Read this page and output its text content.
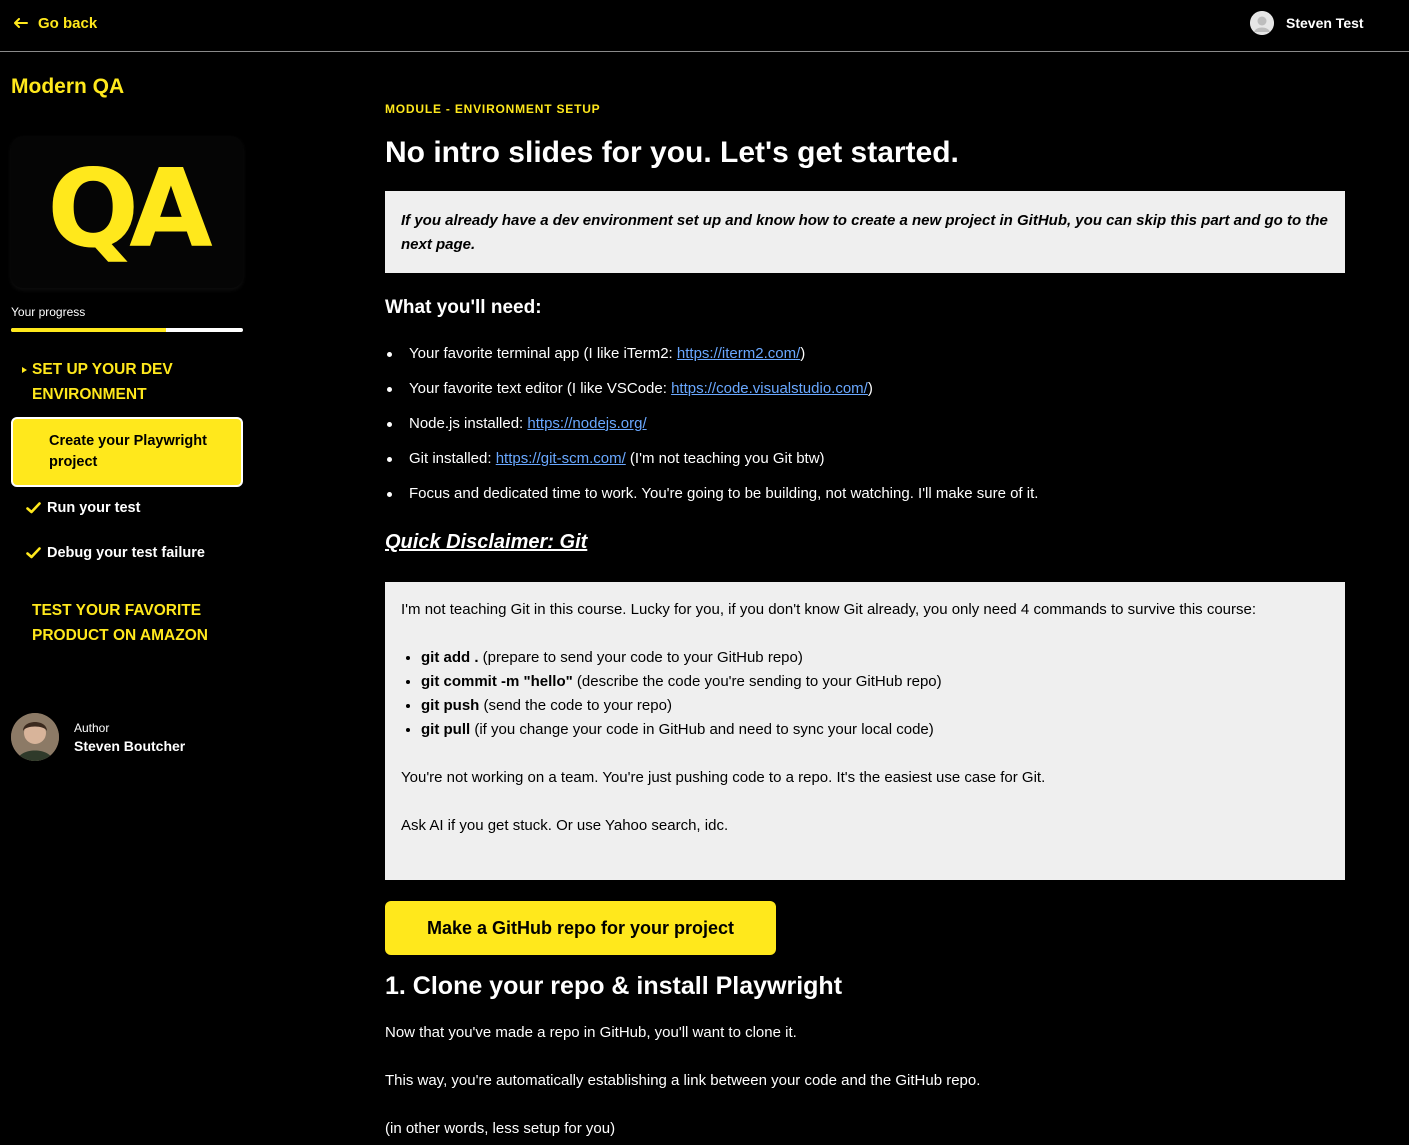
Go back	Steven Test
Modern QA
QA
Your progress
SET UP YOUR DEV ENVIRONMENT
Create your Playwright project
Run your test
Debug your test failure
TEST YOUR FAVORITE PRODUCT ON AMAZON
Author
Steven Boutcher
MODULE - ENVIRONMENT SETUP
No intro slides for you. Let's get started.
If you already have a dev environment set up and know how to create a new project in GitHub, you can skip this part and go to the next page.
What you'll need:
Your favorite terminal app (I like iTerm2: https://iterm2.com/)
Your favorite text editor (I like VSCode: https://code.visualstudio.com/)
Node.js installed: https://nodejs.org/
Git installed: https://git-scm.com/ (I'm not teaching you Git btw)
Focus and dedicated time to work. You're going to be building, not watching. I'll make sure of it.
Quick Disclaimer: Git

I'm not teaching Git in this course. Lucky for you, if you don't know Git already, you only need 4 commands to survive this course:

• git add . (prepare to send your code to your GitHub repo)
• git commit -m "hello" (describe the code you're sending to your GitHub repo)
• git push (send the code to your repo)
• git pull (if you change your code in GitHub and need to sync your local code)

You're not working on a team. You're just pushing code to a repo. It's the easiest use case for Git.

Ask AI if you get stuck. Or use Yahoo search, idc.

Make a GitHub repo for your project
1. Clone your repo & install Playwright

Now that you've made a repo in GitHub, you'll want to clone it.

This way, you're automatically establishing a link between your code and the GitHub repo.

(in other words, less setup for you)
